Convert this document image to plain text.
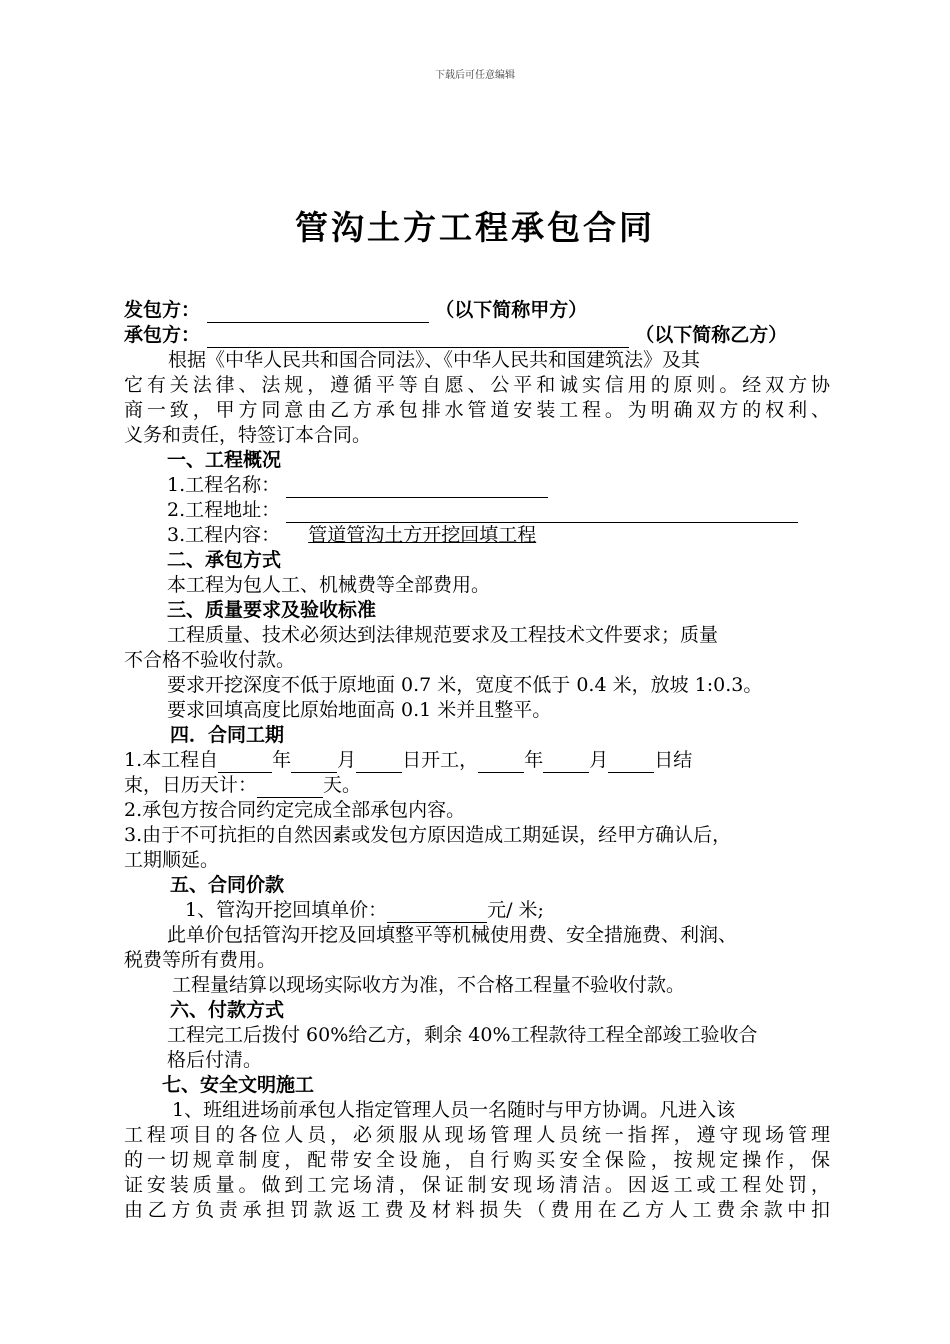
下载后可任意编辑
管沟土方工程承包合同
发包方：	（以下简称甲方）
承包方：	（以下简称乙方）
根据《中华人民共和国合同法》、《中华人民共和国建筑法》及其
它有关法律、法规，遵循平等自愿、公平和诚实信用的原则。经双方协
商一致，甲方同意由乙方承包排水管道安装工程。为明确双方的权利、
义务和责任，特签订本合同。
一、工程概况
1.工程名称：
2.工程地址：
3.工程内容： 管道管沟土方开挖回填工程
二、承包方式
本工程为包人工、机械费等全部费用。
三、质量要求及验收标准
工程质量、技术必须达到法律规范要求及工程技术文件要求；质量
不合格不验收付款。
要求开挖深度不低于原地面 0.7 米，宽度不低于 0.4 米，放坡 1:0.3。
要求回填高度比原始地面高 0.1 米并且整平。
四．合同工期
1.本工程自	年 月 日开工， 年 月 日结
束，日历天计：	天。
2.承包方按合同约定完成全部承包内容。
3.由于不可抗拒的自然因素或发包方原因造成工期延误，经甲方确认后，
工期顺延。
五、合同价款
1、管沟开挖回填单价：	元/ 米;
此单价包括管沟开挖及回填整平等机械使用费、安全措施费、利润、
税费等所有费用。
工程量结算以现场实际收方为准，不合格工程量不验收付款。
六、付款方式
工程完工后拨付 60%给乙方，剩余 40%工程款待工程全部竣工验收合
格后付清。
七、安全文明施工
1、班组进场前承包人指定管理人员一名随时与甲方协调。凡进入该
工程项目的各位人员，必须服从现场管理人员统一指挥，遵守现场管理
的一切规章制度，配带安全设施，自行购买安全保险，按规定操作，保
证安装质量。做到工完场清，保证制安现场清洁。因返工或工程处罚，
由乙方负责承担罚款返工费及材料损失（费用在乙方人工费余款中扣
